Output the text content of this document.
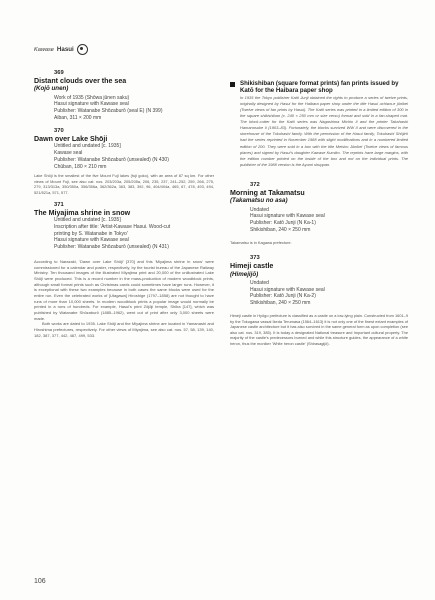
Kawase Hasui
369
Distant clouds over the sea
(Kojō unen)
Work of 1935 (Shōwa jūnen saku)
Hasui signature with Kawase seal
Publisher: Watanabe Shōzaburō (seal E) (N 399)
Aiban, 311 × 200 mm
370
Dawn over Lake Shōji
Untitled and undated [c. 1935]
Kawase seal
Publisher: Watanabe Shōzaburō (unsealed) (N 430)
Chūban, 180 × 210 mm
Lake Shōji is the smallest of the five Mount Fuji lakes (fuji goko), with an area of 87 sq km. For other views of Mount Fuji, see also cat. nos. 203/203a, 205/205a, 206, 235, 237, 241–252, 259, 266, 275, 279, 313/313a, 350/350a, 356/356a, 362/362a, 363, 383, 392, 96, 404/404a, 465, 67, 478, 493, 494, 521/521a, 571, 577.
371
The Miyajima shrine in snow
Untitled and undated [c. 1935]
Inscription after title: 'Artist-Kawase Hasui. Wood-cut
printing by S. Watanabe in Tokyo'
Hasui signature with Kawase seal
Publisher: Watanabe Shōzaburō (unsealed) (N 431)
According to Narazaki, 'Dawn over Lake Shōji' [370] and this 'Miyajima shrine in snow' were commissioned for a calendar and poster, respectively, by the tourist bureau of the Japanese Railway Ministry. Ten thousand images of the illustrated Miyajima print and 20,000 of the unillustrated Lake Shōji were produced. This is a record number in the mass-production of modern woodblock prints, although small format prints such as Christmas cards could sometimes have larger runs. However, it is exceptional with these two examples because in both cases the same blocks were used for the entire run. Even the celebrated works of [Utagawa] Hiroshige (1797–1858) are not thought to have runs of more than 10,000 sheets. In modern woodblock prints a popular image would normally be printed in a runs of hundreds. For example, Hasui's print Zōjōji temple, Shiba [147], which was published by Watanabe Shōzaburō (1885–1962), went out of print after only 3,000 sheets were made.
Both works are dated to 1935. Lake Shōji and the Miyajima shrine are located in Yamanashi and Hiroshima prefectures, respectively. For other views of Miyajima, see also cat. nos. 57, 58, 139, 140, 182, 387, 377, 442, 487, 499, 533.
Shikishiban (square format prints) fan prints issued by Katō for the Haibara paper shop
In 1935 the Tokyo publisher Katō Junji obtained the rights to produce a series of twelve prints, originally designed by Hasui for the Haibara paper shop under the title Hasui uchiwa-e jūnikei (Twelve views of fan prints by Hasui). The Katō series was printed in a limited edition of 300 in the square shikishiban (c. 240 × 250 mm or size verso) format and sold in a fan-shaped mat. The block-cutter for the Katō series was Nagashima Michio Ii and the printer Takahashi Hamanosuke Ii (1903–83). Fortunately, the blocks survived WW II and were discovered in the storehouse of the Tokuhashi family. With the permission of the Hasui family, Tokuhashi Shōjirō had the series reprinted in November 1988 with slight modifications and in a numbered limited edition of 200. They were sold in a box with the title Meisho Jūnikei (Twelve views of famous places) and signed by Hasui's daughter Kawase Kumiko. The reprints have large margins, with the edition number printed on the inside of the box and not on the individual prints. The publisher of the 1988 version is the Ayumi shuppan.
372
Morning at Takamatsu
(Takamatsu no asa)
Undated
Hasui signature with Kawase seal
Publisher: Katō Junji (N Ka-1)
Shikishiban, 240 × 250 mm
Takamatsu is in Kagawa prefecture.
373
Himeji castle
(Himejijō)
Undated
Hasui signature with Kawase seal
Publisher: Katō Junji (N Ka-2)
Shikishiban, 240 × 250 mm
Himeji castle in Hyōgo prefecture is classified as a castle on a low-lying plain. Constructed from 1601–9 by the Tokugawa vassal Ikeda Terumasa (1564–1613) it is not only one of the finest extant examples of Japanese castle architecture but it has also survived in the same general form as upon completion (see also cat. nos. 319, 385). It is today a designated National treasure and Important cultural property. The majority of the castle's predecessors burned and while this structure guides, the appearance of a white heron, thus the moniker 'White heron castle' (Shirasagijō).
106
